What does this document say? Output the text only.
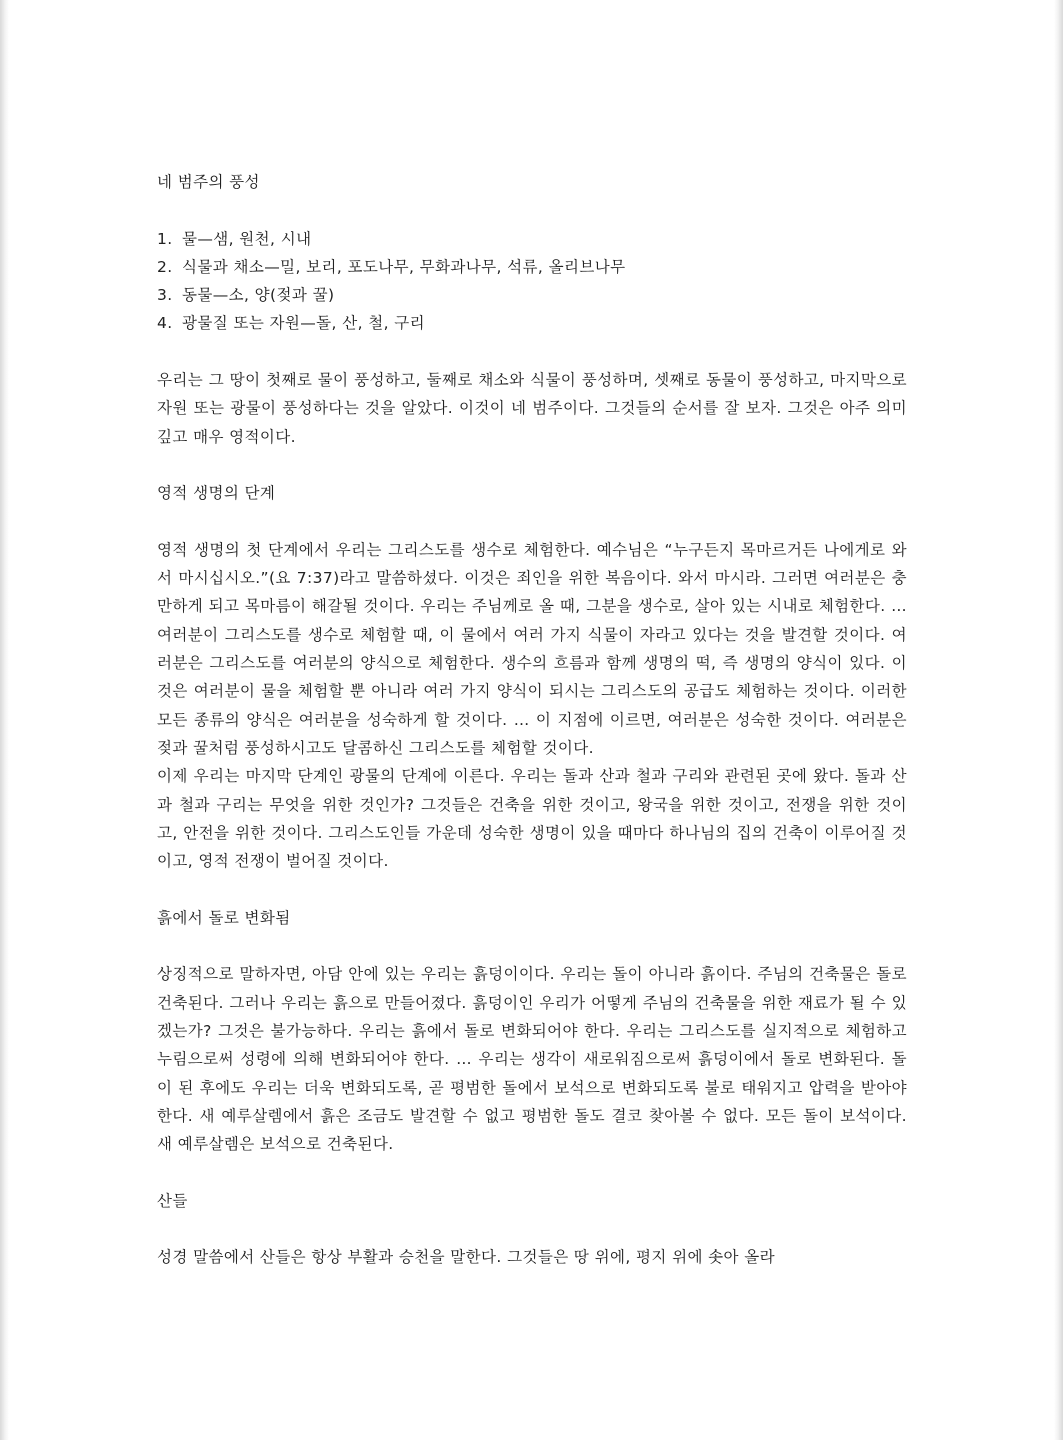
네 범주의 풍성

1. 물—샘, 원천, 시내
2. 식물과 채소—밀, 보리, 포도나무, 무화과나무, 석류, 올리브나무
3. 동물—소, 양(젖과 꿀)
4. 광물질 또는 자원—돌, 산, 철, 구리

우리는 그 땅이 첫째로 물이 풍성하고, 둘째로 채소와 식물이 풍성하며, 셋째로 동물이 풍성하고, 마지막으로 자원 또는 광물이 풍성하다는 것을 알았다. 이것이 네 범주이다. 그것들의 순서를 잘 보자. 그것은 아주 의미 깊고 매우 영적이다.

영적 생명의 단계

영적 생명의 첫 단계에서 우리는 그리스도를 생수로 체험한다. 예수님은 “누구든지 목마르거든 나에게로 와서 마시십시오.”(요 7:37)라고 말씀하셨다. 이것은 죄인을 위한 복음이다. 와서 마시라. 그러면 여러분은 충만하게 되고 목마름이 해갈될 것이다. 우리는 주님께로 올 때, 그분을 생수로, 살아 있는 시내로 체험한다. … 여러분이 그리스도를 생수로 체험할 때, 이 물에서 여러 가지 식물이 자라고 있다는 것을 발견할 것이다. 여러분은 그리스도를 여러분의 양식으로 체험한다. 생수의 흐름과 함께 생명의 떡, 즉 생명의 양식이 있다. 이것은 여러분이 물을 체험할 뿐 아니라 여러 가지 양식이 되시는 그리스도의 공급도 체험하는 것이다. 이러한 모든 종류의 양식은 여러분을 성숙하게 할 것이다. … 이 지점에 이르면, 여러분은 성숙한 것이다. 여러분은 젖과 꿀처럼 풍성하시고도 달콤하신 그리스도를 체험할 것이다.

이제 우리는 마지막 단계인 광물의 단계에 이른다. 우리는 돌과 산과 철과 구리와 관련된 곳에 왔다. 돌과 산과 철과 구리는 무엇을 위한 것인가? 그것들은 건축을 위한 것이고, 왕국을 위한 것이고, 전쟁을 위한 것이고, 안전을 위한 것이다. 그리스도인들 가운데 성숙한 생명이 있을 때마다 하나님의 집의 건축이 이루어질 것이고, 영적 전쟁이 벌어질 것이다.

흙에서 돌로 변화됨

상징적으로 말하자면, 아담 안에 있는 우리는 흙덩이이다. 우리는 돌이 아니라 흙이다. 주님의 건축물은 돌로 건축된다. 그러나 우리는 흙으로 만들어졌다. 흙덩이인 우리가 어떻게 주님의 건축물을 위한 재료가 될 수 있겠는가? 그것은 불가능하다. 우리는 흙에서 돌로 변화되어야 한다. 우리는 그리스도를 실지적으로 체험하고 누림으로써 성령에 의해 변화되어야 한다. … 우리는 생각이 새로워짐으로써 흙덩이에서 돌로 변화된다. 돌이 된 후에도 우리는 더욱 변화되도록, 곧 평범한 돌에서 보석으로 변화되도록 불로 태워지고 압력을 받아야 한다. 새 예루살렘에서 흙은 조금도 발견할 수 없고 평범한 돌도 결코 찾아볼 수 없다. 모든 돌이 보석이다. 새 예루살렘은 보석으로 건축된다.

산들

성경 말씀에서 산들은 항상 부활과 승천을 말한다. 그것들은 땅 위에, 평지 위에 솟아 올라
